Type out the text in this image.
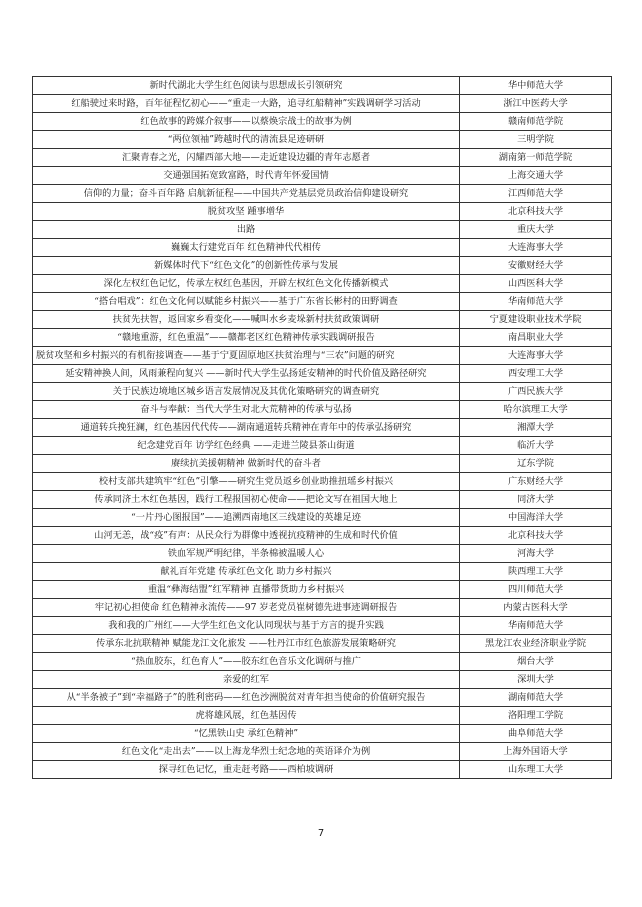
新时代湖北大学生红色阅读与思想成长引领研究	华中师范大学
红船驶过来时路，百年征程忆初心——“重走一大路，追寻红船精神”实践调研学习活动	浙江中医药大学
红色故事的跨媒介叙事——以蔡焕宗战士的故事为例	赣南师范学院
“两位领袖”跨越时代的清流县足迹研研	三明学院
汇聚青春之光，闪耀西部大地——走近建设边疆的青年志愿者	湖南第一师范学院
交通强国拓宽致富路，时代青年怀爱国情	上海交通大学
信仰的力量；奋斗百年路 启航新征程——中国共产党基层党员政治信仰建设研究	江西师范大学
脱贫攻坚 踵事增华	北京科技大学
出路	重庆大学
巍巍太行建党百年 红色精神代代相传	大连海事大学
新媒体时代下“红色文化”的创新性传承与发展	安徽财经大学
深化左权红色记忆，传承左权红色基因，开辟左权红色文化传播新模式	山西医科大学
“搭台唱戏”：红色文化何以赋能乡村振兴——基于广东省长彬村的田野调查	华南师范大学
扶贫先扶智，返回家乡看变化——喊叫水乡麦垛新村扶贫政策调研	宁夏建设职业技术学院
“赣地重游，红色重温”——赣都老区红色精神传承实践调研报告	南昌职业大学
脱贫攻坚和乡村振兴的有机衔接调查——基于宁夏固原地区扶贫治理与“三农”问题的研究	大连海事大学
延安精神换人间，风雨兼程向复兴 ——新时代大学生弘扬延安精神的时代价值及路径研究	西安理工大学
关于民族边境地区城乡语言发展情况及其优化策略研究的调查研究	广西民族大学
奋斗与奉献：当代大学生对北大荒精神的传承与弘扬	哈尔滨理工大学
通道转兵挽狂澜，红色基因代代传——湖南通道转兵精神在青年中的传承弘扬研究	湘潭大学
纪念建党百年 访学红色经典 ——走进兰陵县茶山街道	临沂大学
赓续抗美援朝精神 做新时代的奋斗者	辽东学院
校村支部共建筑牢“红色”引擎——研究生党员返乡创业助推扭瑶乡村振兴	广东财经大学
传承同济土木红色基因，践行工程报国初心使命——把论文写在祖国大地上	同济大学
“一片丹心图报国”——追溯西南地区三线建设的英雄足迹	中国海洋大学
山河无恙，战“疫”有声：从民众行为群像中透视抗疫精神的生成和时代价值	北京科技大学
铁血军规严明纪律，半条棉被温暖人心	河海大学
献礼百年党建 传承红色文化 助力乡村振兴	陕西理工大学
重温“彝海结盟”红军精神 直播带货助力乡村振兴	四川师范大学
牢记初心担使命 红色精神永流传——97 岁老党员崔树德先进事迹调研报告	内蒙古医科大学
我和我的广州红——大学生红色文化认同现状与基于方言的提升实践	华南师范大学
传承东北抗联精神 赋能龙江文化旅发 ——牡丹江市红色旅游发展策略研究	黑龙江农业经济职业学院
“热血胶东，红色育人”——胶东红色音乐文化调研与推广	烟台大学
亲爱的红军	深圳大学
从“半条被子”到“幸福路子”的胜利密码——红色沙洲脱贫对青年担当使命的价值研究报告	湖南师范大学
虎将雄风展，红色基因传	洛阳理工学院
“忆黑铁山史 承红色精神”	曲阜师范大学
红色文化“走出去”——以上海龙华烈士纪念地的英语译介为例	上海外国语大学
探寻红色记忆，重走赶考路——西柏坡调研	山东理工大学
7
